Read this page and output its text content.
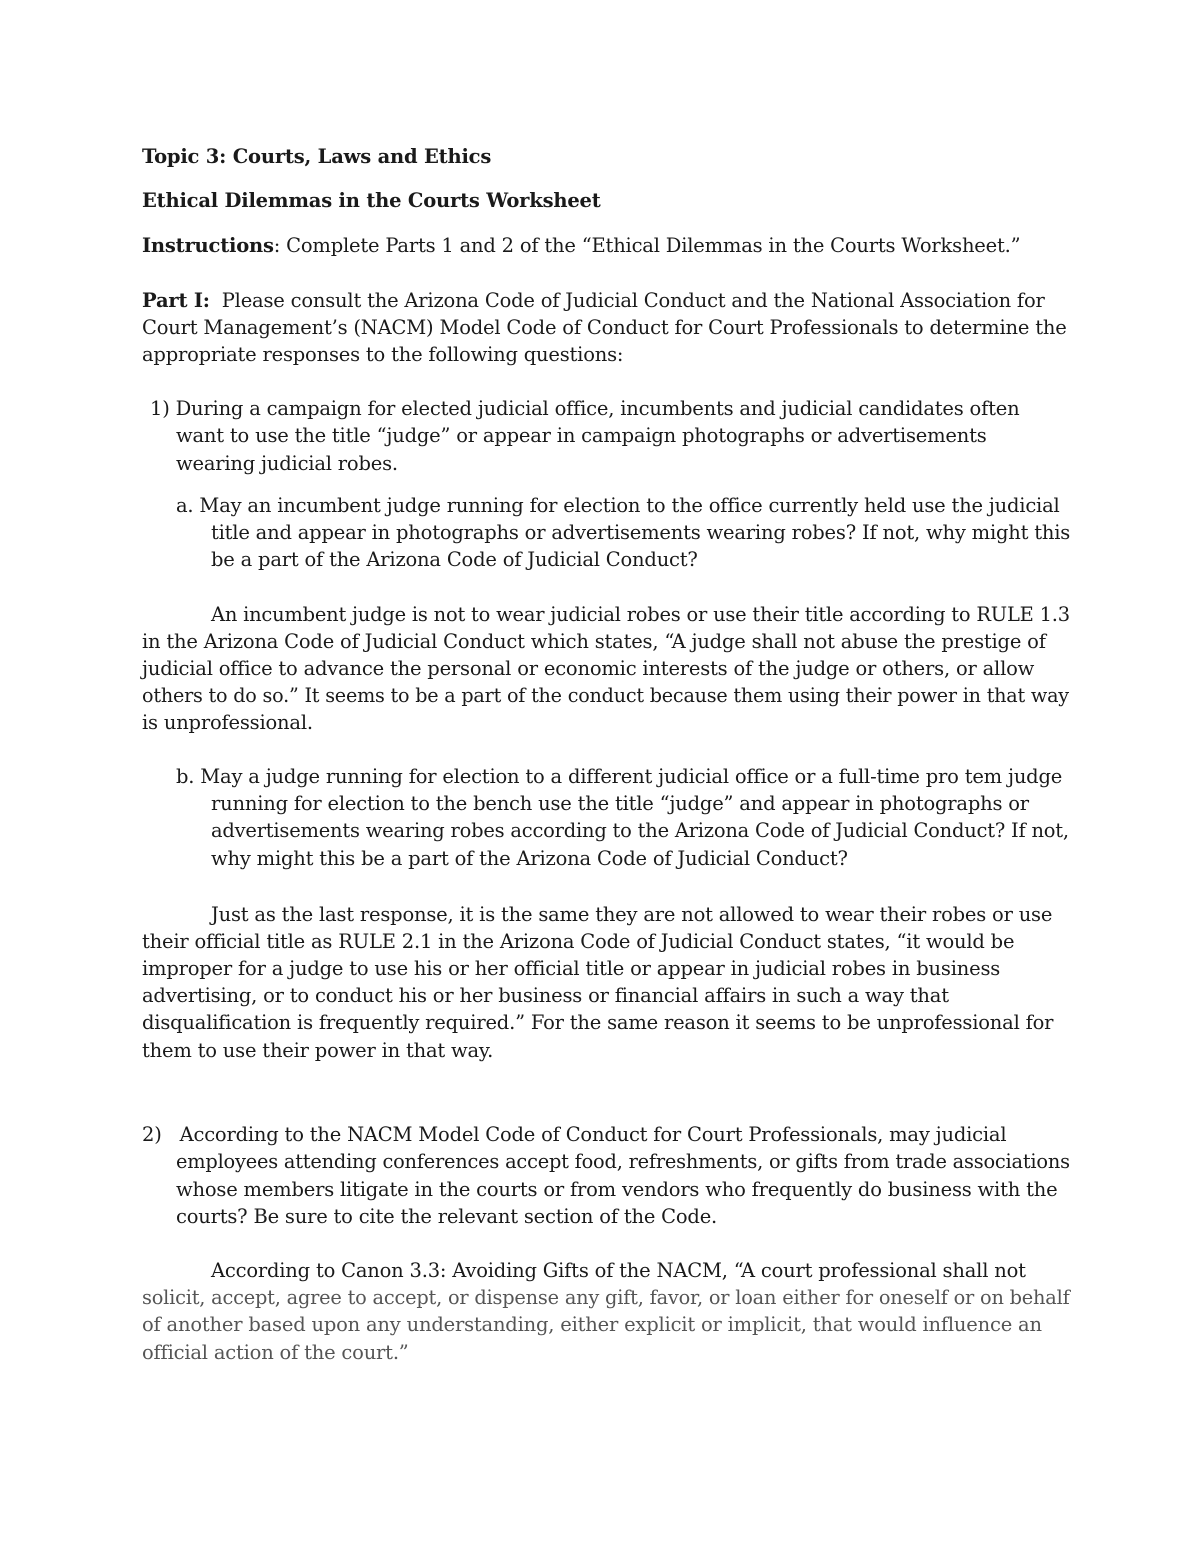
Topic 3: Courts, Laws and Ethics
Ethical Dilemmas in the Courts Worksheet
Instructions: Complete Parts 1 and 2 of the “Ethical Dilemmas in the Courts Worksheet.”
Part I:  Please consult the Arizona Code of Judicial Conduct and the National Association for
Court Management’s (NACM) Model Code of Conduct for Court Professionals to determine the
appropriate responses to the following questions:
1) During a campaign for elected judicial office, incumbents and judicial candidates often
want to use the title “judge” or appear in campaign photographs or advertisements
wearing judicial robes.
a. May an incumbent judge running for election to the office currently held use the judicial
title and appear in photographs or advertisements wearing robes? If not, why might this
be a part of the Arizona Code of Judicial Conduct?
An incumbent judge is not to wear judicial robes or use their title according to RULE 1.3
in the Arizona Code of Judicial Conduct which states, “A judge shall not abuse the prestige of
judicial office to advance the personal or economic interests of the judge or others, or allow
others to do so.” It seems to be a part of the conduct because them using their power in that way
is unprofessional.
b. May a judge running for election to a different judicial office or a full-time pro tem judge
running for election to the bench use the title “judge” and appear in photographs or
advertisements wearing robes according to the Arizona Code of Judicial Conduct? If not,
why might this be a part of the Arizona Code of Judicial Conduct?
Just as the last response, it is the same they are not allowed to wear their robes or use
their official title as RULE 2.1 in the Arizona Code of Judicial Conduct states, “it would be
improper for a judge to use his or her official title or appear in judicial robes in business
advertising, or to conduct his or her business or financial affairs in such a way that
disqualification is frequently required.” For the same reason it seems to be unprofessional for
them to use their power in that way.
2)   According to the NACM Model Code of Conduct for Court Professionals, may judicial
employees attending conferences accept food, refreshments, or gifts from trade associations
whose members litigate in the courts or from vendors who frequently do business with the
courts? Be sure to cite the relevant section of the Code.
According to Canon 3.3: Avoiding Gifts of the NACM, “A court professional shall not
solicit, accept, agree to accept, or dispense any gift, favor, or loan either for oneself or on behalf
of another based upon any understanding, either explicit or implicit, that would influence an
official action of the court.”
